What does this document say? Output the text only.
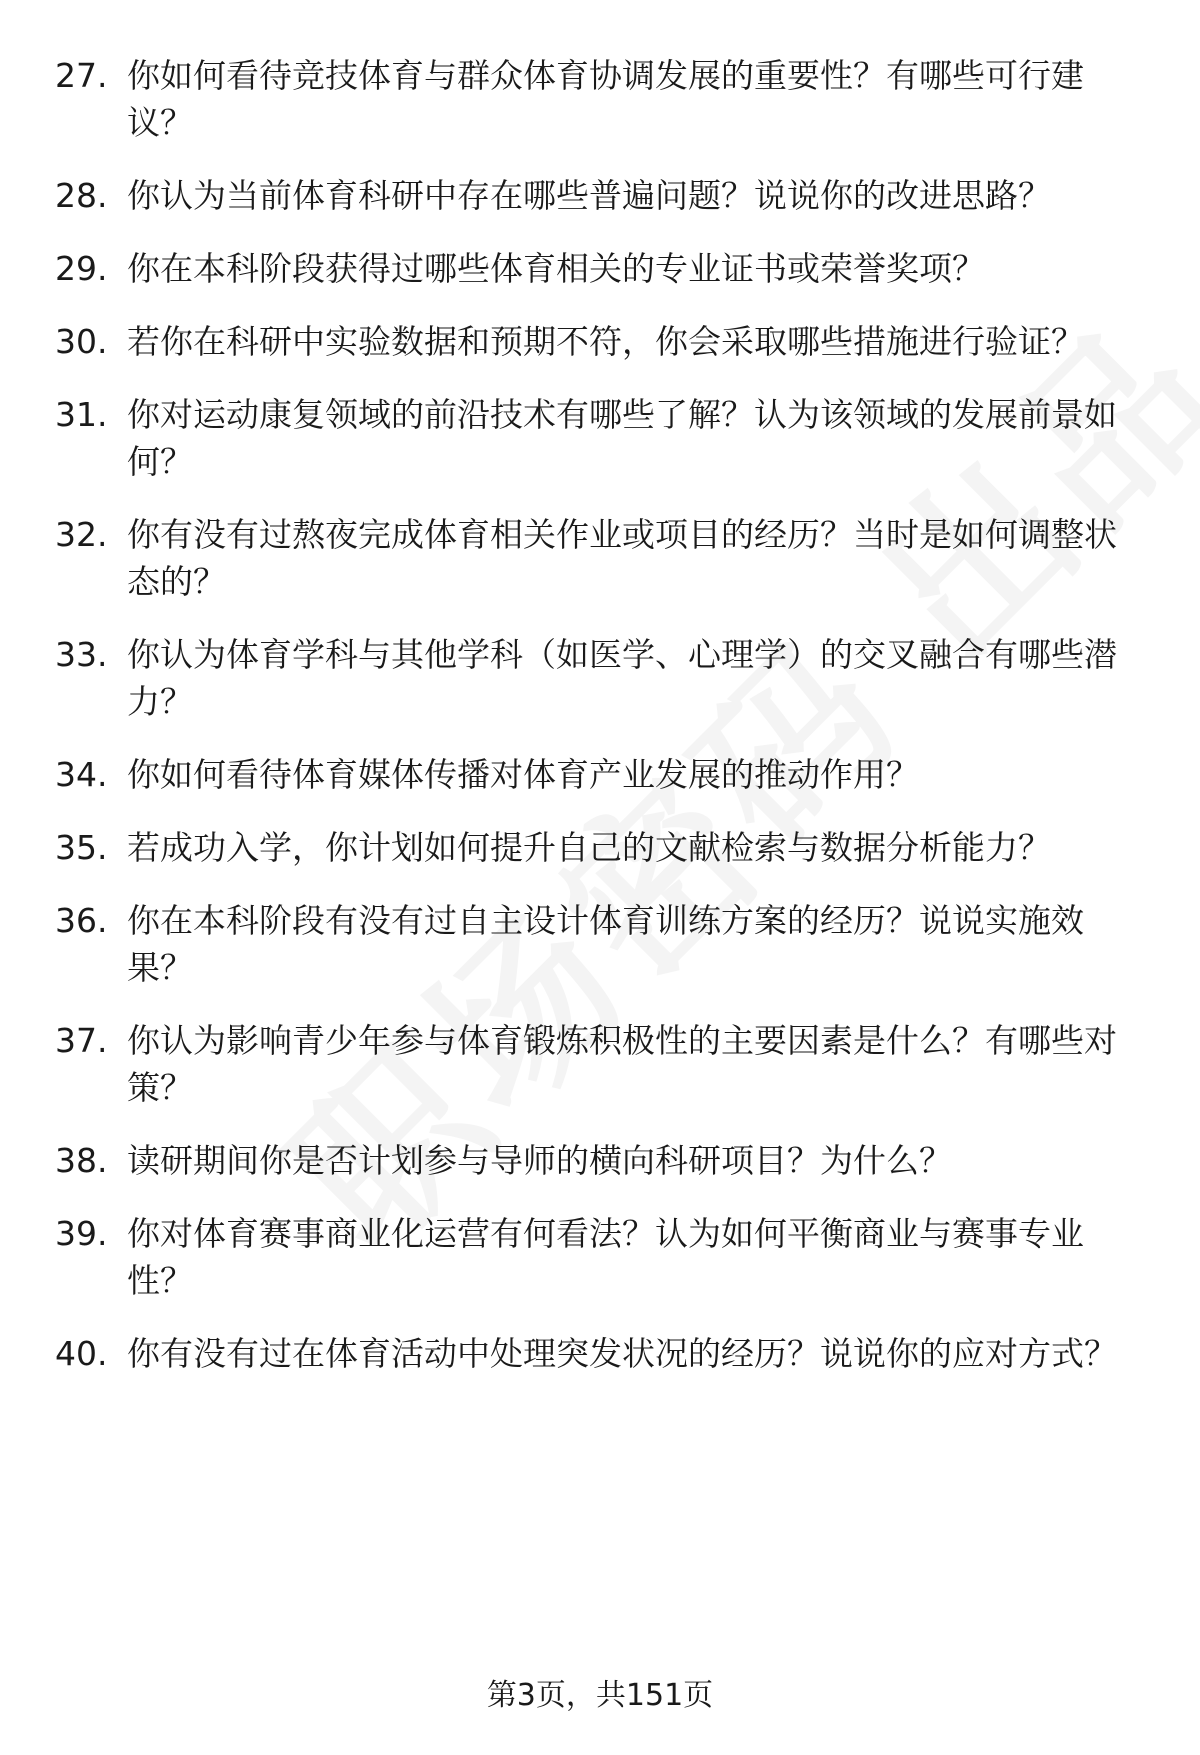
27. 你如何看待竞技体育与群众体育协调发展的重要性？有哪些可行建议？
28. 你认为当前体育科研中存在哪些普遍问题？说说你的改进思路？
29. 你在本科阶段获得过哪些体育相关的专业证书或荣誉奖项？
30. 若你在科研中实验数据和预期不符，你会采取哪些措施进行验证？
31. 你对运动康复领域的前沿技术有哪些了解？认为该领域的发展前景如何？
32. 你有没有过熬夜完成体育相关作业或项目的经历？当时是如何调整状态的？
33. 你认为体育学科与其他学科（如医学、心理学）的交叉融合有哪些潜力？
34. 你如何看待体育媒体传播对体育产业发展的推动作用？
35. 若成功入学，你计划如何提升自己的文献检索与数据分析能力？
36. 你在本科阶段有没有过自主设计体育训练方案的经历？说说实施效果？
37. 你认为影响青少年参与体育锻炼积极性的主要因素是什么？有哪些对策？
38. 读研期间你是否计划参与导师的横向科研项目？为什么？
39. 你对体育赛事商业化运营有何看法？认为如何平衡商业与赛事专业性？
40. 你有没有过在体育活动中处理突发状况的经历？说说你的应对方式？
第3页，共151页
